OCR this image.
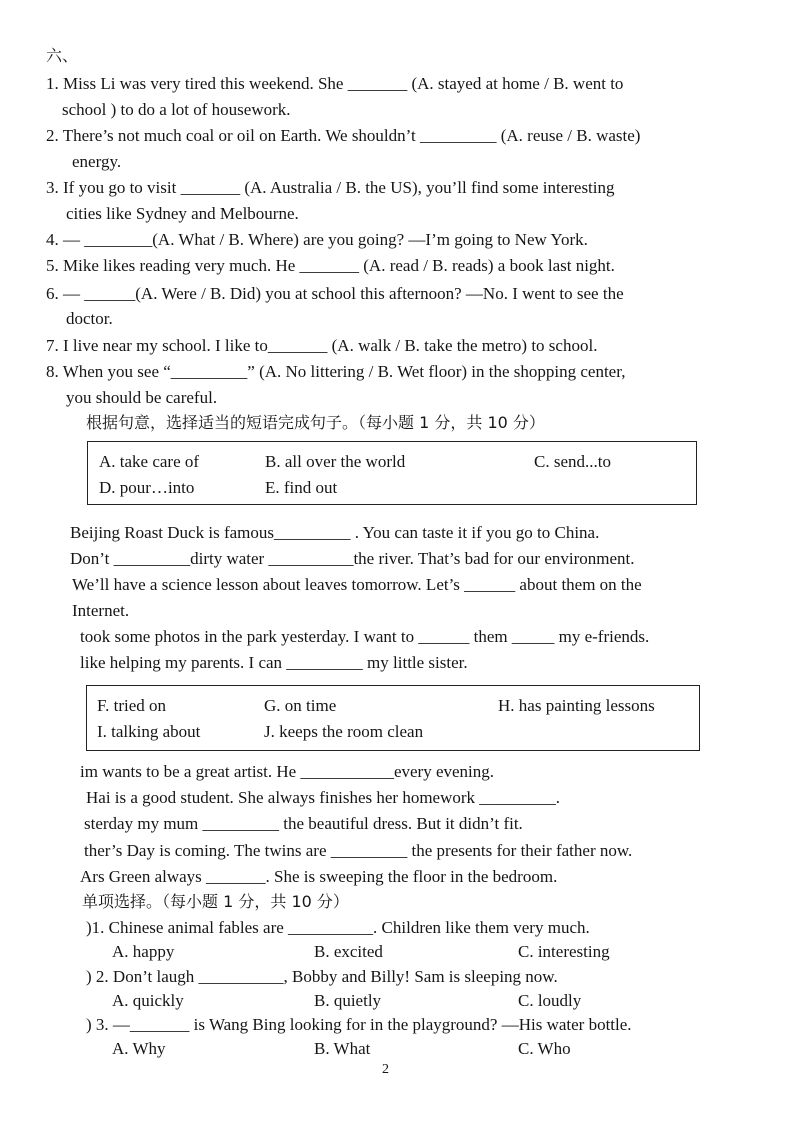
六、
1. Miss Li was very tired this weekend. She _______ (A. stayed at home / B. went to
school ) to do a lot of housework.
2. There’s not much coal or oil on Earth. We shouldn’t _________ (A. reuse / B. waste)
energy.
3. If you go to visit _______ (A. Australia / B. the US), you’ll find some interesting
cities like Sydney and Melbourne.
4. — ________(A. What / B. Where) are you going? —I’m going to New York.
5. Mike likes reading very much. He _______ (A. read / B. reads) a book last night.
6. — ______(A. Were / B. Did) you at school this afternoon? —No. I went to see the
doctor.
7. I live near my school. I like to_______ (A. walk / B. take the metro) to school.
8. When you see “_________” (A. No littering / B. Wet floor) in the shopping center,
you should be careful.
根据句意，选择适当的短语完成句子。（每小题 1 分，共 10 分）
A. take care of	B. all over the world	C. send...to
D. pour…into	E. find out
Beijing Roast Duck is famous_________ . You can taste it if you go to China.
Don’t _________dirty water __________the river. That’s bad for our environment.
We’ll have a science lesson about leaves tomorrow. Let’s ______ about them on the
Internet.
took some photos in the park yesterday. I want to ______ them _____ my e-friends.
like helping my parents. I can _________ my little sister.
F. tried on	G. on time	H. has painting lessons
I. talking about	J. keeps the room clean
im wants to be a great artist. He ___________every evening.
Hai is a good student. She always finishes her homework _________.
sterday my mum _________ the beautiful dress. But it didn’t fit.
ther’s Day is coming. The twins are _________ the presents for their father now.
Ars Green always _______. She is sweeping the floor in the bedroom.
单项选择。（每小题 1 分，共 10 分）
)1. Chinese animal fables are __________. Children like them very much.
A. happy	B. excited	C. interesting
) 2. Don’t laugh __________, Bobby and Billy! Sam is sleeping now.
A. quickly	B. quietly	C. loudly
) 3. —_______ is Wang Bing looking for in the playground? —His water bottle.
A. Why	B. What	C. Who
2
